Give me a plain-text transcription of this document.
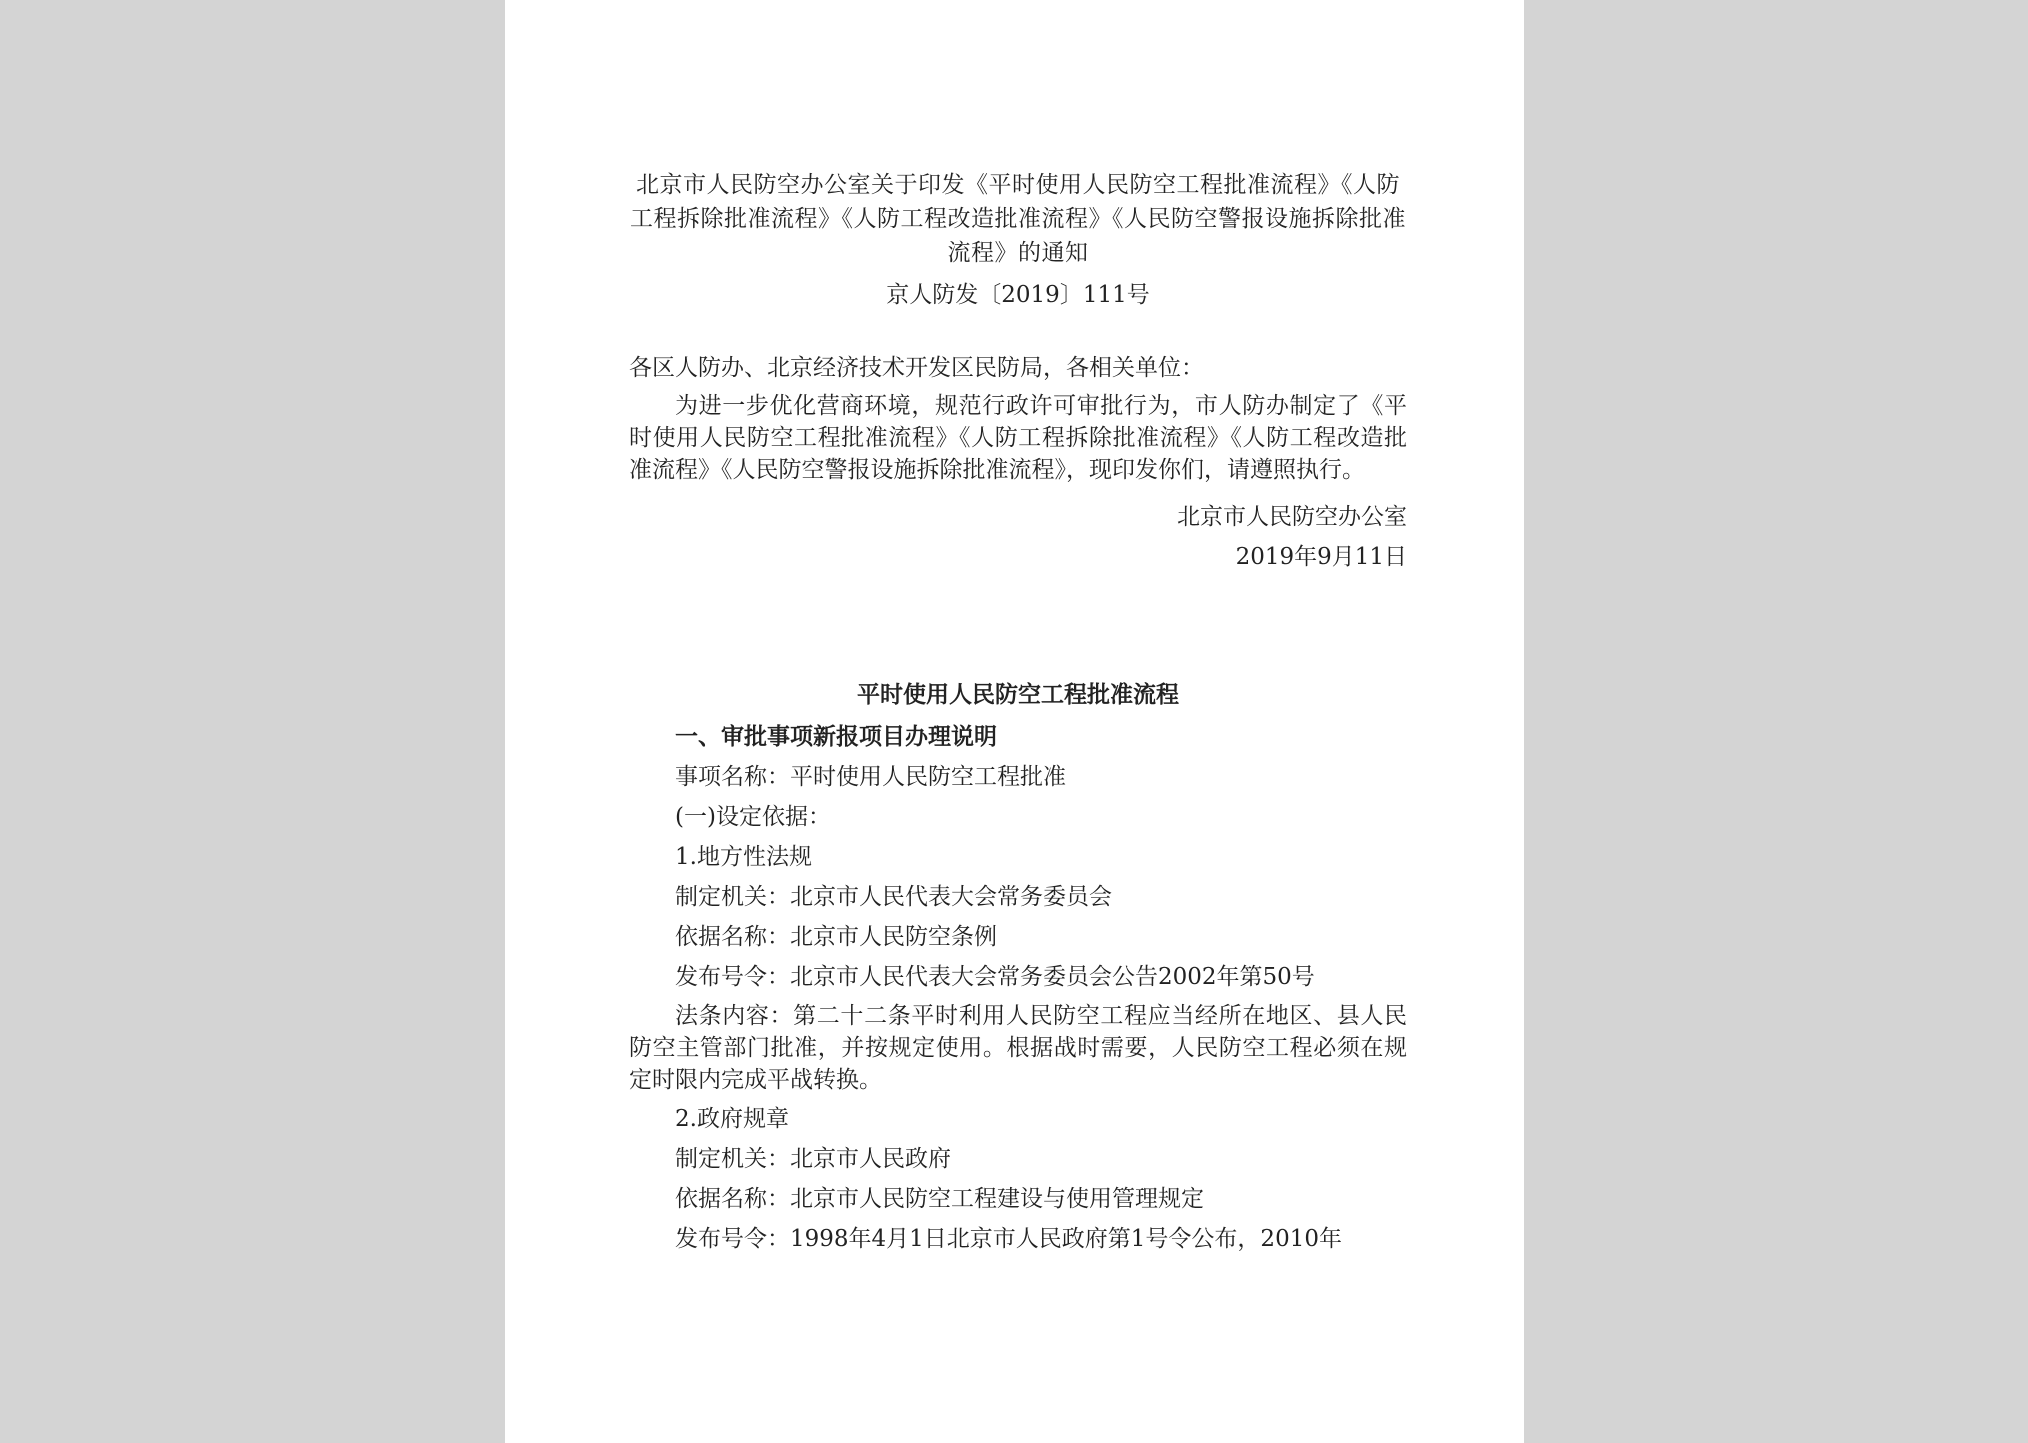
北京市人民防空办公室关于印发《平时使用人民防空工程批准流程》《人防工程拆除批准流程》《人防工程改造批准流程》《人民防空警报设施拆除批准流程》的通知

京人防发〔2019〕111号

各区人防办、北京经济技术开发区民防局，各相关单位：

为进一步优化营商环境，规范行政许可审批行为，市人防办制定了《平时使用人民防空工程批准流程》《人防工程拆除批准流程》《人防工程改造批准流程》《人民防空警报设施拆除批准流程》，现印发你们，请遵照执行。

北京市人民防空办公室

2019年9月11日

平时使用人民防空工程批准流程

一、审批事项新报项目办理说明

事项名称：平时使用人民防空工程批准

(一)设定依据：

1.地方性法规

制定机关：北京市人民代表大会常务委员会

依据名称：北京市人民防空条例

发布号令：北京市人民代表大会常务委员会公告2002年第50号

法条内容：第二十二条平时利用人民防空工程应当经所在地区、县人民防空主管部门批准，并按规定使用。根据战时需要，人民防空工程必须在规定时限内完成平战转换。

2.政府规章

制定机关：北京市人民政府

依据名称：北京市人民防空工程建设与使用管理规定

发布号令：1998年4月1日北京市人民政府第1号令公布，2010年
